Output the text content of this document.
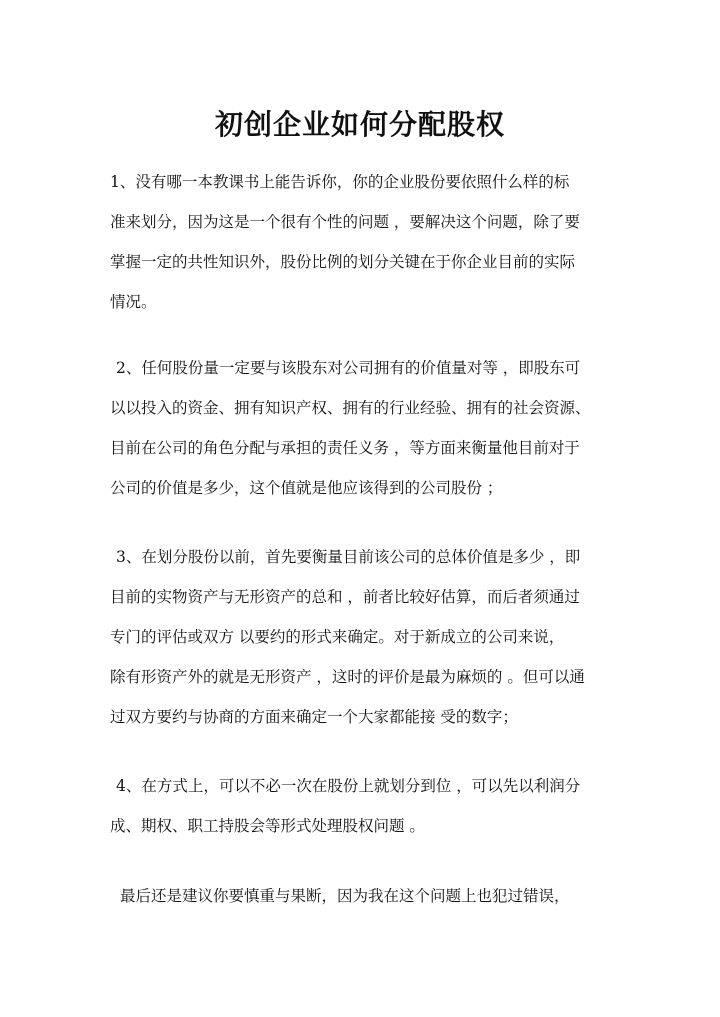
初创企业如何分配股权
1、没有哪一本教课书上能告诉你，你的企业股份要依照什么样的标
准来划分，因为这是一个很有个性的问题 ，要解决这个问题，除了要
掌握一定的共性知识外，股份比例的划分关键在于你企业目前的实际
情况。
2、任何股份量一定要与该股东对公司拥有的价值量对等 ，即股东可
以以投入的资金、拥有知识产权、拥有的行业经验、拥有的社会资源、
目前在公司的角色分配与承担的责任义务 ，等方面来衡量他目前对于
公司的价值是多少，这个值就是他应该得到的公司股份 ；
3、在划分股份以前，首先要衡量目前该公司的总体价值是多少 ，即
目前的实物资产与无形资产的总和 ，前者比较好估算，而后者须通过
专门的评估或双方 以要约的形式来确定。对于新成立的公司来说，
除有形资产外的就是无形资产 ，这时的评价是最为麻烦的 。但可以通
过双方要约与协商的方面来确定一个大家都能接 受的数字；
4、在方式上，可以不必一次在股份上就划分到位 ，可以先以利润分
成、期权、职工持股会等形式处理股权问题 。
最后还是建议你要慎重与果断，因为我在这个问题上也犯过错误，
